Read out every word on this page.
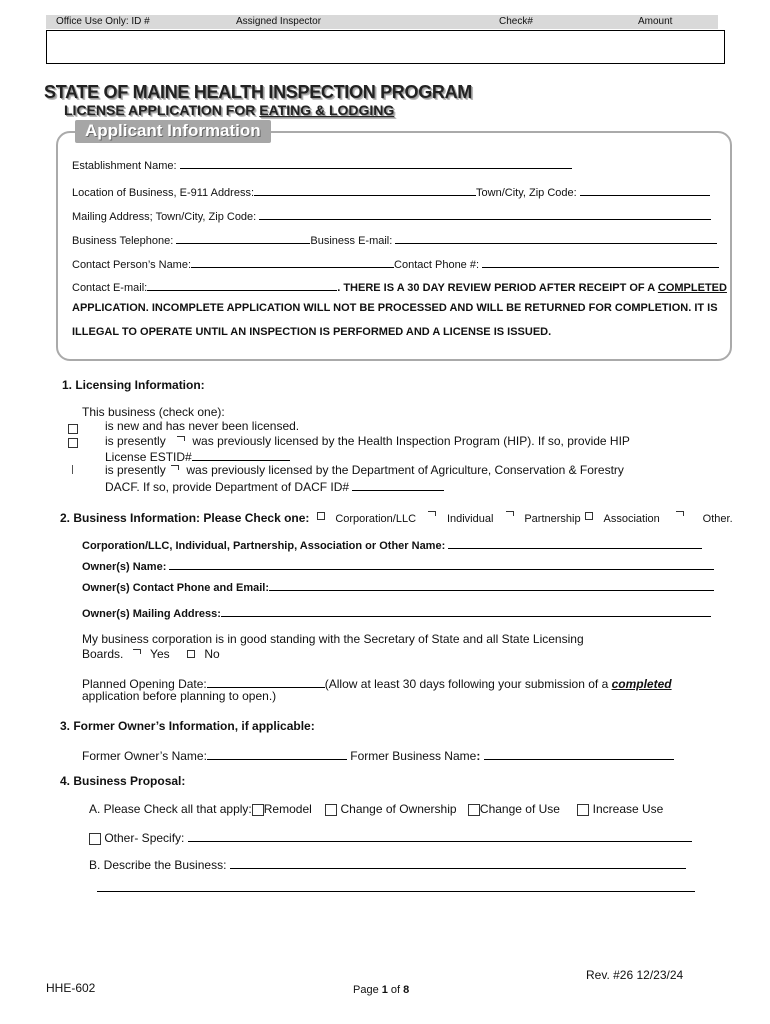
Office Use Only: ID #	Assigned Inspector	Check#	Amount
STATE OF MAINE HEALTH INSPECTION PROGRAM
LICENSE APPLICATION FOR EATING & LODGING
Applicant Information
Establishment Name:
Location of Business, E-911 Address:	Town/City, Zip Code:
Mailing Address; Town/City, Zip Code:
Business Telephone:	Business E-mail:
Contact Person’s Name:	Contact Phone #:
Contact E-mail:	. THERE IS A 30 DAY REVIEW PERIOD AFTER RECEIPT OF A COMPLETED
APPLICATION. INCOMPLETE APPLICATION WILL NOT BE PROCESSED AND WILL BE RETURNED FOR COMPLETION. IT IS
ILLEGAL TO OPERATE UNTIL AN INSPECTION IS PERFORMED AND A LICENSE IS ISSUED.
1. Licensing Information:
This business (check one):
is new and has never been licensed.
is presently was previously licensed by the Health Inspection Program (HIP). If so, provide HIP
License ESTID#
is presently was previously licensed by the Department of Agriculture, Conservation & Forestry
DACF. If so, provide Department of DACF ID#
2. Business Information: Please Check one: Corporation/LLC	Individual	Partnership Association	Other.
Corporation/LLC, Individual, Partnership, Association or Other Name:
Owner(s) Name:
Owner(s) Contact Phone and Email:
Owner(s) Mailing Address:
My business corporation is in good standing with the Secretary of State and all State Licensing
Boards. Yes	No
Planned Opening Date:	(Allow at least 30 days following your submission of a completed
application before planning to open.)
3. Former Owner’s Information, if applicable:
Former Owner’s Name:	Former Business Name:
4. Business Proposal:
A. Please Check all that apply: Remodel Change of Ownership Change of Use	Increase Use
Other- Specify:
B. Describe the Business:
HHE-602	Page 1 of 8
Rev. #26 12/23/24
